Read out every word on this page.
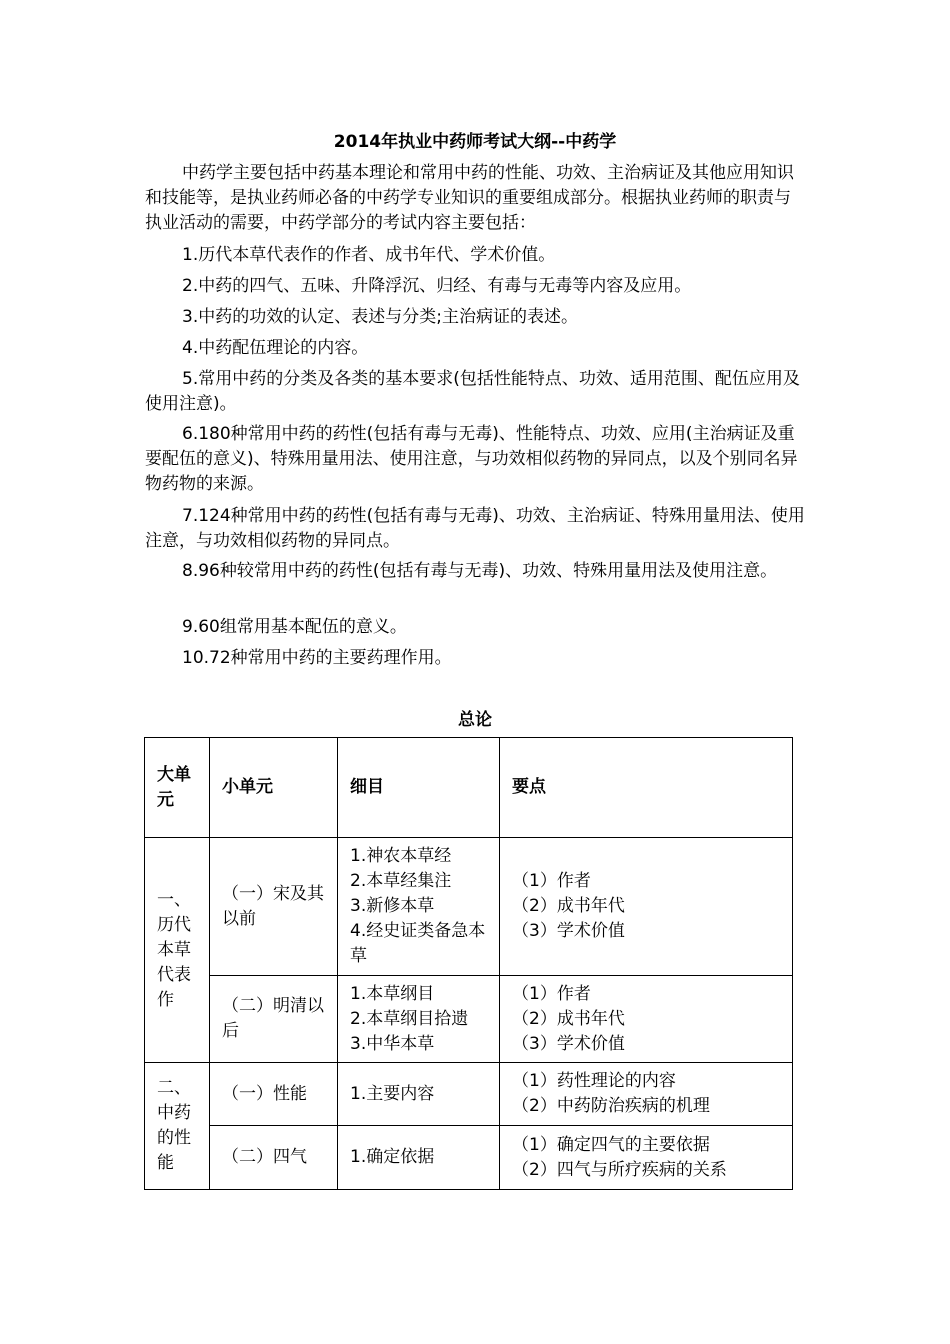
2014年执业中药师考试大纲--中药学

中药学主要包括中药基本理论和常用中药的性能、功效、主治病证及其他应用知识和技能等，是执业药师必备的中药学专业知识的重要组成部分。根据执业药师的职责与执业活动的需要，中药学部分的考试内容主要包括：

1.历代本草代表作的作者、成书年代、学术价值。

2.中药的四气、五味、升降浮沉、归经、有毒与无毒等内容及应用。

3.中药的功效的认定、表述与分类;主治病证的表述。

4.中药配伍理论的内容。

5.常用中药的分类及各类的基本要求(包括性能特点、功效、适用范围、配伍应用及使用注意)。

6.180种常用中药的药性(包括有毒与无毒)、性能特点、功效、应用(主治病证及重要配伍的意义)、特殊用量用法、使用注意，与功效相似药物的异同点，以及个别同名异物药物的来源。

7.124种常用中药的药性(包括有毒与无毒)、功效、主治病证、特殊用量用法、使用注意，与功效相似药物的异同点。

8.96种较常用中药的药性(包括有毒与无毒)、功效、特殊用量用法及使用注意。

9.60组常用基本配伍的意义。

10.72种常用中药的主要药理作用。

总论
大单元	小单元	细目	要点
一、历代本草代表作	（一）宋及其以前	1.神农本草经
2.本草经集注
3.新修本草
4.经史证类备急本草	（1）作者
（2）成书年代
（3）学术价值

	（二）明清以后	1.本草纲目
2.本草纲目拾遗
3.中华本草	（1）作者
（2）成书年代
（3）学术价值

二、中药的性能	（一）性能	1.主要内容	（1）药性理论的内容
（2）中药防治疾病的机理

	（二）四气	1.确定依据	（1）确定四气的主要依据
（2）四气与所疗疾病的关系
